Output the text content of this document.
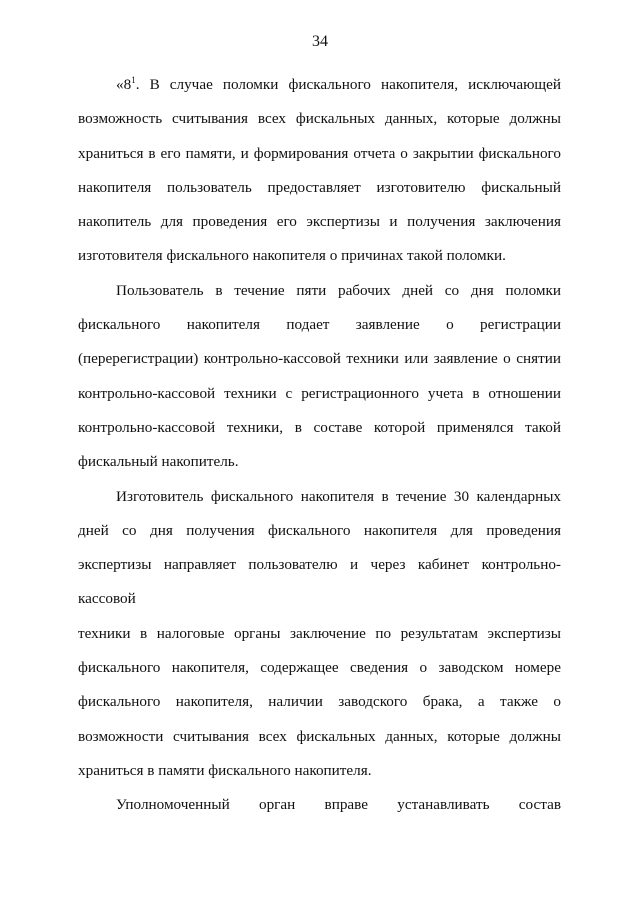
34
«$8^1$. В случае поломки фискального накопителя, исключающей
возможность считывания всех фискальных данных, которые должны
храниться в его памяти, и формирования отчета о закрытии фискального
накопителя пользователь предоставляет изготовителю фискальный
накопитель для проведения его экспертизы и получения заключения
изготовителя фискального накопителя о причинах такой поломки.
Пользователь в течение пяти рабочих дней со дня поломки
фискального накопителя подает заявление о регистрации
(перерегистрации) контрольно-кассовой техники или заявление о снятии
контрольно-кассовой техники с регистрационного учета в отношении
контрольно-кассовой техники, в составе которой применялся такой
фискальный накопитель.
Изготовитель фискального накопителя в течение 30 календарных
дней со дня получения фискального накопителя для проведения
экспертизы направляет пользователю и через кабинет контрольно-кассовой
техники в налоговые органы заключение по результатам экспертизы
фискального накопителя, содержащее сведения о заводском номере
фискального накопителя, наличии заводского брака, а также о
возможности считывания всех фискальных данных, которые должны
храниться в памяти фискального накопителя.
Уполномоченный орган вправе устанавливать состав
